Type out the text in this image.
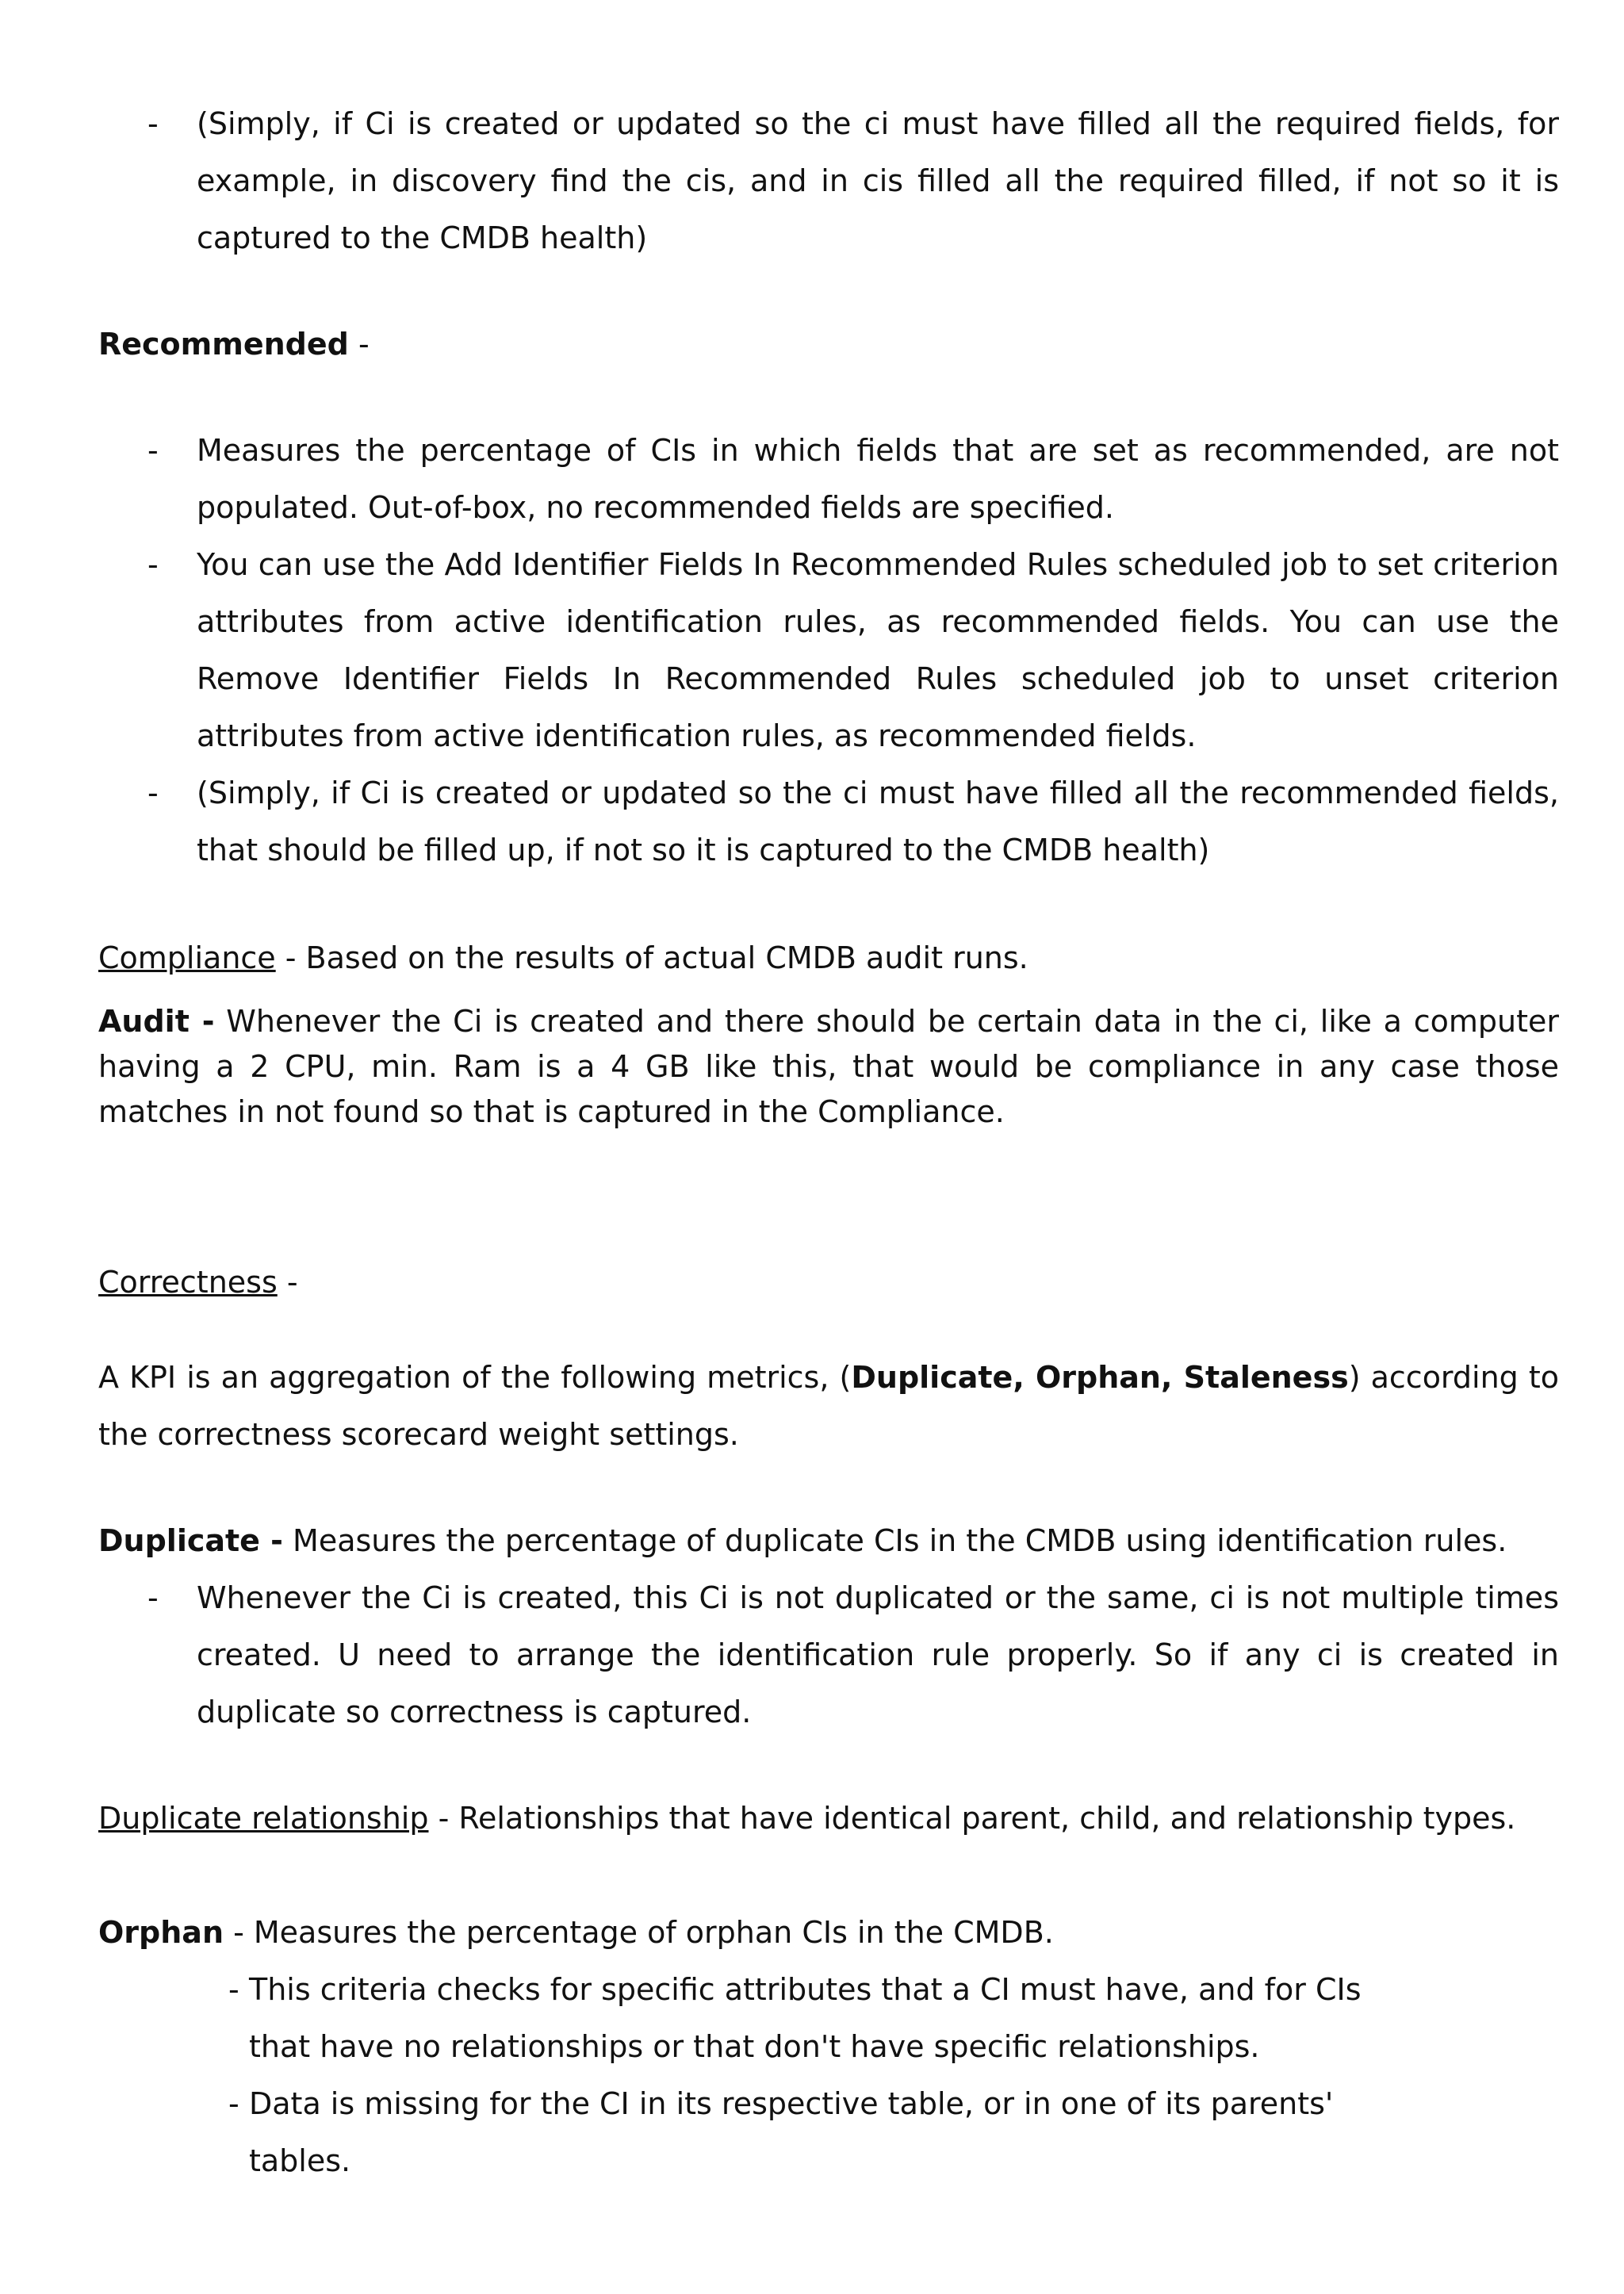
- (Simply, if Ci is created or updated so the ci must have filled all the required fields, for example, in discovery find the cis, and in cis filled all the required filled, if not so it is captured to the CMDB health)

Recommended -

- Measures the percentage of CIs in which fields that are set as recommended, are not populated. Out-of-box, no recommended fields are specified.
- You can use the Add Identifier Fields In Recommended Rules scheduled job to set criterion attributes from active identification rules, as recommended fields. You can use the Remove Identifier Fields In Recommended Rules scheduled job to unset criterion attributes from active identification rules, as recommended fields.
- (Simply, if Ci is created or updated so the ci must have filled all the recommended fields, that should be filled up, if not so it is captured to the CMDB health)

Compliance - Based on the results of actual CMDB audit runs.

Audit - Whenever the Ci is created and there should be certain data in the ci, like a computer having a 2 CPU, min. Ram is a 4 GB like this, that would be compliance in any case those matches in not found so that is captured in the Compliance.

Correctness -

A KPI is an aggregation of the following metrics, (Duplicate, Orphan, Staleness) according to the correctness scorecard weight settings.

Duplicate - Measures the percentage of duplicate CIs in the CMDB using identification rules.

- Whenever the Ci is created, this Ci is not duplicated or the same, ci is not multiple times created. U need to arrange the identification rule properly. So if any ci is created in duplicate so correctness is captured.

Duplicate relationship - Relationships that have identical parent, child, and relationship types.

Orphan - Measures the percentage of orphan CIs in the CMDB.

- This criteria checks for specific attributes that a CI must have, and for CIs that have no relationships or that don't have specific relationships.
- Data is missing for the CI in its respective table, or in one of its parents' tables.
